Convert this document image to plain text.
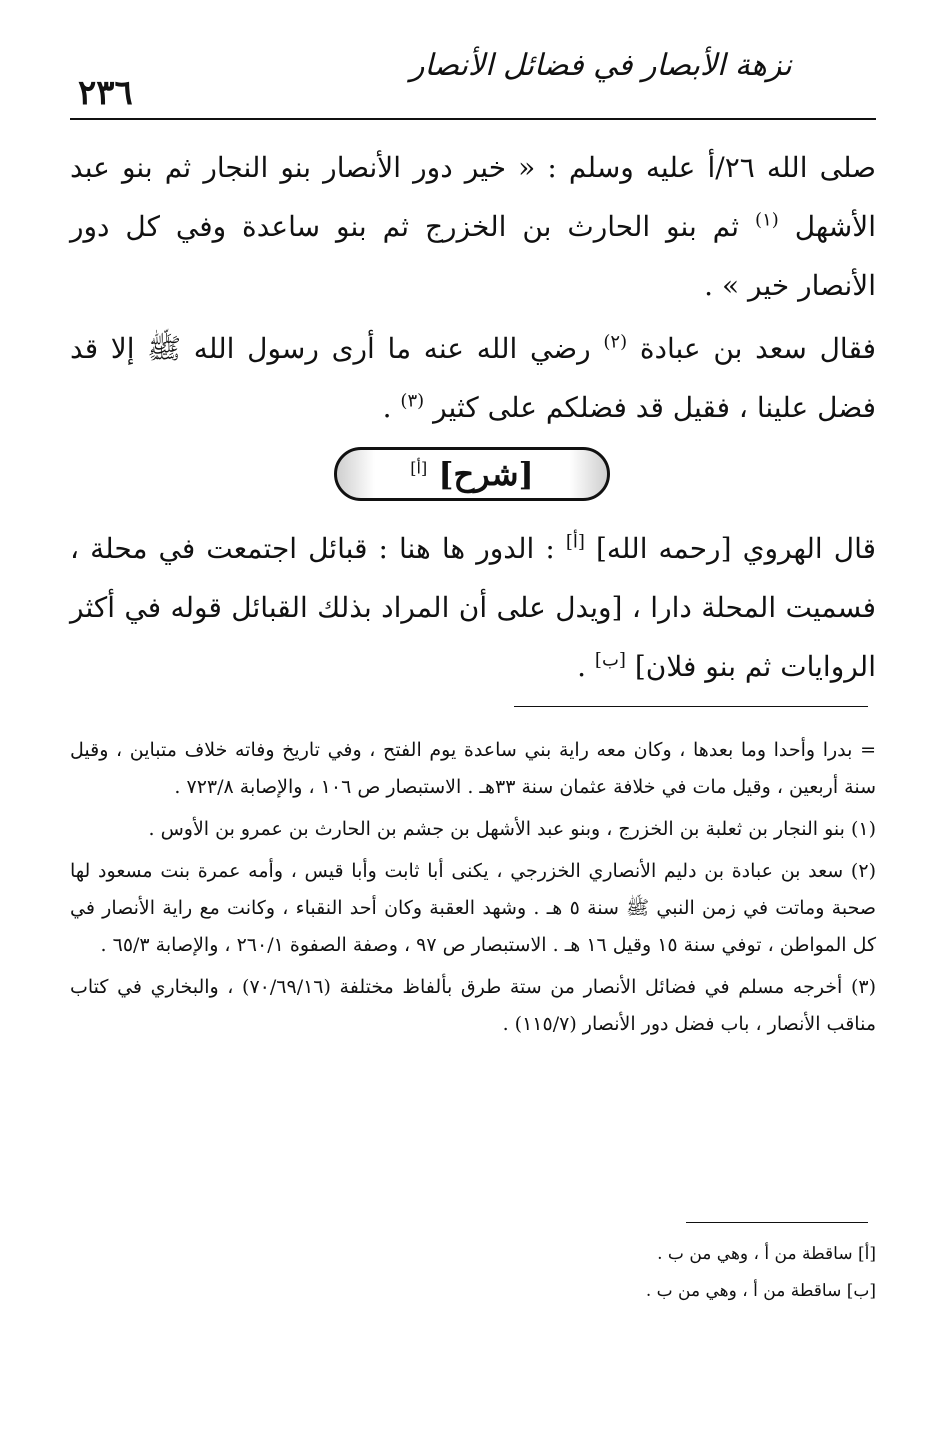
٢٣٦
نزهة الأبصار في فضائل الأنصار

صلى الله ٢٦/أ عليه وسلم : « خير دور الأنصار بنو النجار ثم بنو عبد الأشهل $^{(١)}$ ثم بنو الحارث بن الخزرج ثم بنو ساعدة وفي كل دور الأنصار خير » .

فقال سعد بن عبادة $^{(٢)}$ رضي الله عنه ما أرى رسول الله ﷺ إلا قد فضل علينا ، فقيل قد فضلكم على كثير $^{(٣)}$ .

[شرح] [أ]

قال الهروي [رحمه الله] [أ] : الدور ها هنا : قبائل اجتمعت في محلة ، فسميت المحلة دارا ، [ويدل على أن المراد بذلك القبائل قوله في أكثر الروايات ثم بنو فلان] [ب] .

= بدرا وأحدا وما بعدها ، وكان معه راية بني ساعدة يوم الفتح ، وفي تاريخ وفاته خلاف متباين ، وقيل سنة أربعين ، وقيل مات في خلافة عثمان سنة ٣٣هـ . الاستبصار ص ١٠٦ ، والإصابة ٧٢٣/٨ .

(١) بنو النجار بن ثعلبة بن الخزرج ، وبنو عبد الأشهل بن جشم بن الحارث بن عمرو بن الأوس .

(٢) سعد بن عبادة بن دليم الأنصاري الخزرجي ، يكنى أبا ثابت وأبا قيس ، وأمه عمرة بنت مسعود لها صحبة وماتت في زمن النبي ﷺ سنة ٥ هـ . وشهد العقبة وكان أحد النقباء ، وكانت مع راية الأنصار في كل المواطن ، توفي سنة ١٥ وقيل ١٦ هـ . الاستبصار ص ٩٧ ، وصفة الصفوة ٢٦٠/١ ، والإصابة ٦٥/٣ .

(٣) أخرجه مسلم في فضائل الأنصار من ستة طرق بألفاظ مختلفة (٧٠/٦٩/١٦) ، والبخاري في كتاب مناقب الأنصار ، باب فضل دور الأنصار (١١٥/٧) .

[أ] ساقطة من أ ، وهي من ب .
[ب] ساقطة من أ ، وهي من ب .
